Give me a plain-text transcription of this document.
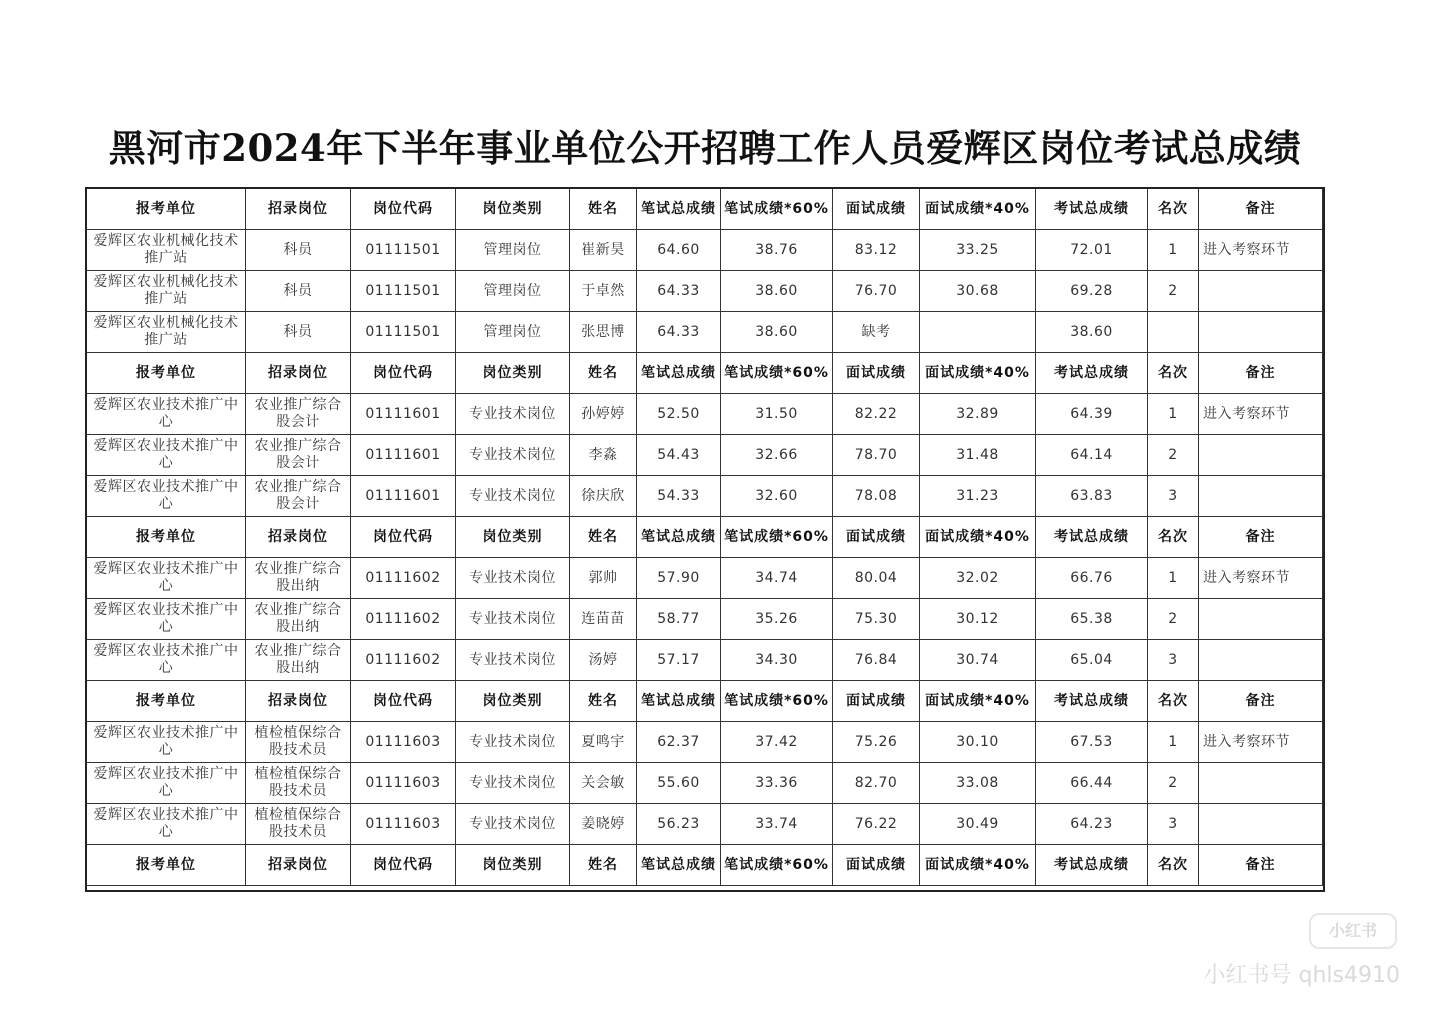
黑河市2024年下半年事业单位公开招聘工作人员爱辉区岗位考试总成绩
报考单位	招录岗位	岗位代码	岗位类别	姓名	笔试总成绩	笔试成绩*60%	面试成绩	面试成绩*40%	考试总成绩	名次	备注
爱辉区农业机械化技术推广站	科员	01111501	管理岗位	崔新昊	64.60	38.76	83.12	33.25	72.01	1	进入考察环节
爱辉区农业机械化技术推广站	科员	01111501	管理岗位	于卓然	64.33	38.60	76.70	30.68	69.28	2	
爱辉区农业机械化技术推广站	科员	01111501	管理岗位	张思博	64.33	38.60	缺考		38.60		
报考单位	招录岗位	岗位代码	岗位类别	姓名	笔试总成绩	笔试成绩*60%	面试成绩	面试成绩*40%	考试总成绩	名次	备注
爱辉区农业技术推广中心	农业推广综合股会计	01111601	专业技术岗位	孙婷婷	52.50	31.50	82.22	32.89	64.39	1	进入考察环节
爱辉区农业技术推广中心	农业推广综合股会计	01111601	专业技术岗位	李淼	54.43	32.66	78.70	31.48	64.14	2	
爱辉区农业技术推广中心	农业推广综合股会计	01111601	专业技术岗位	徐庆欣	54.33	32.60	78.08	31.23	63.83	3	
报考单位	招录岗位	岗位代码	岗位类别	姓名	笔试总成绩	笔试成绩*60%	面试成绩	面试成绩*40%	考试总成绩	名次	备注
爱辉区农业技术推广中心	农业推广综合股出纳	01111602	专业技术岗位	郭帅	57.90	34.74	80.04	32.02	66.76	1	进入考察环节
爱辉区农业技术推广中心	农业推广综合股出纳	01111602	专业技术岗位	连苗苗	58.77	35.26	75.30	30.12	65.38	2	
爱辉区农业技术推广中心	农业推广综合股出纳	01111602	专业技术岗位	汤婷	57.17	34.30	76.84	30.74	65.04	3	
报考单位	招录岗位	岗位代码	岗位类别	姓名	笔试总成绩	笔试成绩*60%	面试成绩	面试成绩*40%	考试总成绩	名次	备注
爱辉区农业技术推广中心	植检植保综合股技术员	01111603	专业技术岗位	夏鸣宇	62.37	37.42	75.26	30.10	67.53	1	进入考察环节
爱辉区农业技术推广中心	植检植保综合股技术员	01111603	专业技术岗位	关会敏	55.60	33.36	82.70	33.08	66.44	2	
爱辉区农业技术推广中心	植检植保综合股技术员	01111603	专业技术岗位	姜晓婷	56.23	33.74	76.22	30.49	64.23	3	
报考单位	招录岗位	岗位代码	岗位类别	姓名	笔试总成绩	笔试成绩*60%	面试成绩	面试成绩*40%	考试总成绩	名次	备注
小红书
小红书号 qhls4910
